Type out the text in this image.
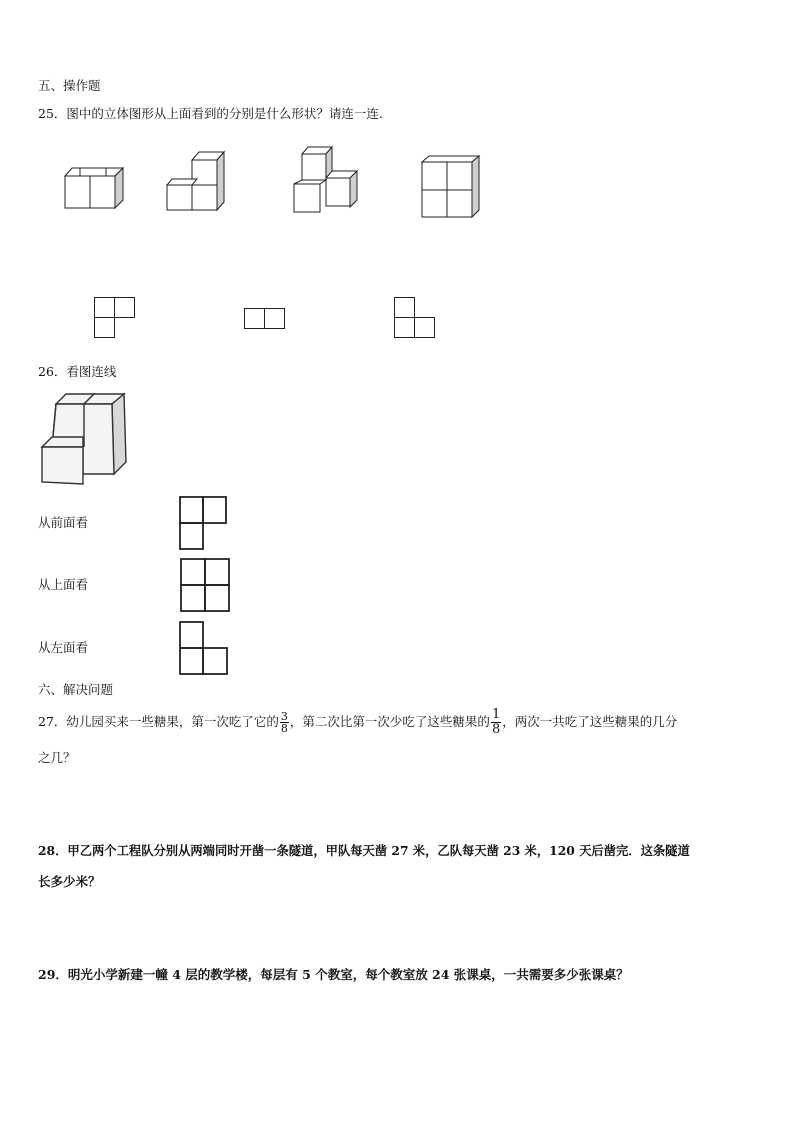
五、操作题
25．图中的立体图形从上面看到的分别是什么形状？请连一连.
26．看图连线
从前面看
从上面看
从左面看
六、解决问题
27．幼儿园买来一些糖果，第一次吃了它的 $\frac{3}{8}$ ，第二次比第一次少吃了这些糖果的 $\frac{1}{8}$ ，两次一共吃了这些糖果的几分
之几？
28．甲乙两个工程队分别从两端同时开凿一条隧道，甲队每天凿 27 米，乙队每天凿 23 米，120 天后凿完．这条隧道
长多少米？
29．明光小学新建一幢 4 层的教学楼，每层有 5 个教室，每个教室放 24 张课桌，一共需要多少张课桌？
